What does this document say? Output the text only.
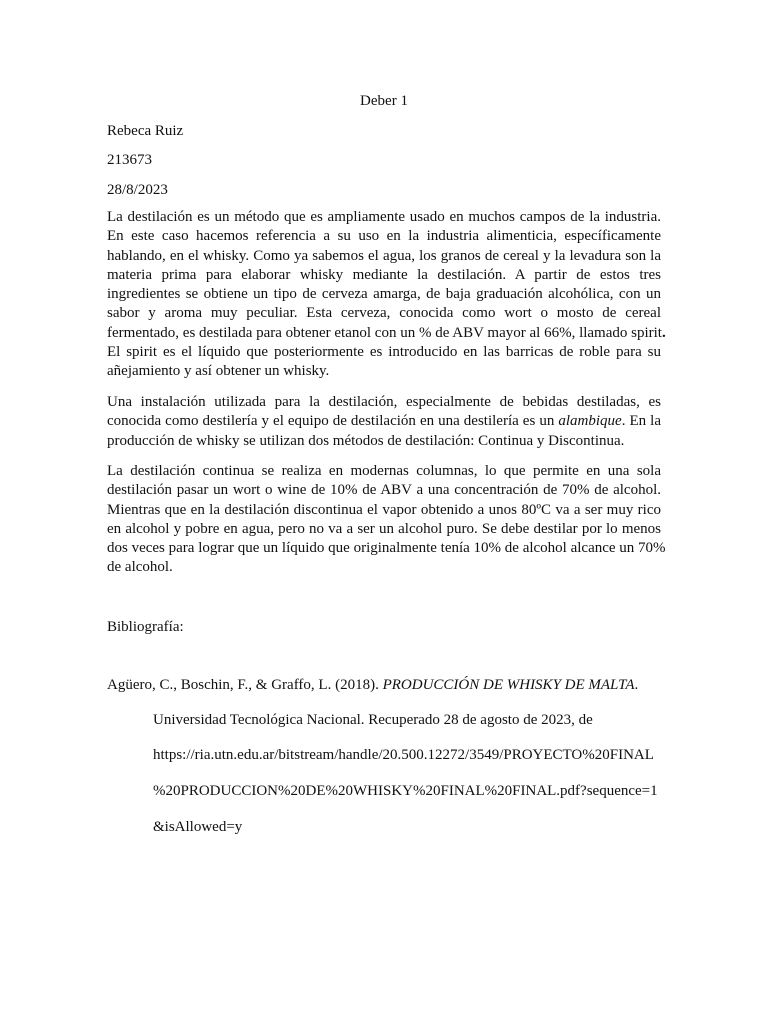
Deber 1
Rebeca Ruiz
213673
28/8/2023
La destilación es un método que es ampliamente usado en muchos campos de la industria.
En este caso hacemos referencia a su uso en la industria alimenticia, específicamente
hablando, en el whisky. Como ya sabemos el agua, los granos de cereal y la levadura son la
materia prima para elaborar whisky mediante la destilación. A partir de estos tres
ingredientes se obtiene un tipo de cerveza amarga, de baja graduación alcohólica, con un
sabor y aroma muy peculiar. Esta cerveza, conocida como wort o mosto de cereal
fermentado, es destilada para obtener etanol con un % de ABV mayor al 66%, llamado spirit.
El spirit es el líquido que posteriormente es introducido en las barricas de roble para su
añejamiento y así obtener un whisky.
Una instalación utilizada para la destilación, especialmente de bebidas destiladas, es
conocida como destilería y el equipo de destilación en una destilería es un alambique. En la
producción de whisky se utilizan dos métodos de destilación: Continua y Discontinua.
La destilación continua se realiza en modernas columnas, lo que permite en una sola
destilación pasar un wort o wine de 10% de ABV a una concentración de 70% de alcohol.
Mientras que en la destilación discontinua el vapor obtenido a unos 80ºC va a ser muy rico
en alcohol y pobre en agua, pero no va a ser un alcohol puro. Se debe destilar por lo menos
dos veces para lograr que un líquido que originalmente tenía 10% de alcohol alcance un 70%
de alcohol.
Bibliografía:
Agüero, C., Boschin, F., & Graffo, L. (2018). PRODUCCIÓN DE WHISKY DE MALTA.
Universidad Tecnológica Nacional. Recuperado 28 de agosto de 2023, de
https://ria.utn.edu.ar/bitstream/handle/20.500.12272/3549/PROYECTO%20FINAL
%20PRODUCCION%20DE%20WHISKY%20FINAL%20FINAL.pdf?sequence=1
&isAllowed=y
